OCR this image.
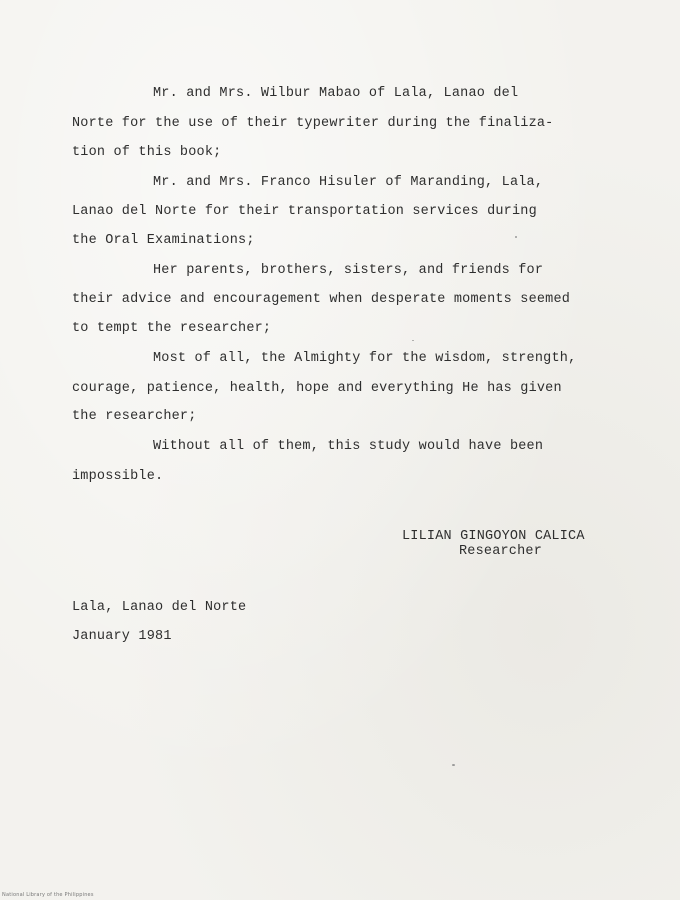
Mr. and Mrs. Wilbur Mabao of Lala, Lanao del
Norte for the use of their typewriter during the finaliza-
tion of this book;
Mr. and Mrs. Franco Hisuler of Maranding, Lala,
Lanao del Norte for their transportation services during
the Oral Examinations;
Her parents, brothers, sisters, and friends for
their advice and encouragement when desperate moments seemed
to tempt the researcher;
Most of all, the Almighty for the wisdom, strength,
courage, patience, health, hope and everything He has given
the researcher;
Without all of them, this study would have been
impossible.
LILIAN GINGOYON CALICA
Researcher
Lala, Lanao del Norte
January 1981
National Library of the Philippines
